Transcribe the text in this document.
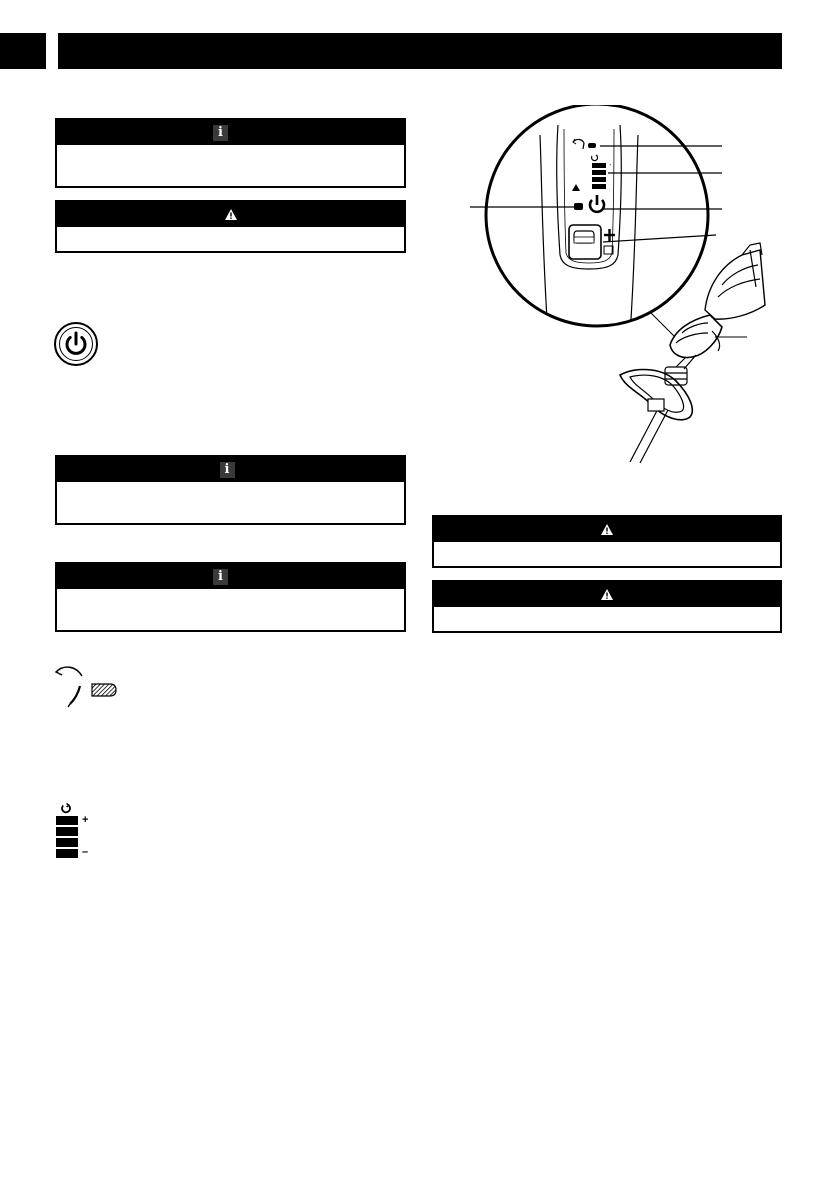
i
i
i
+
–
+
-
